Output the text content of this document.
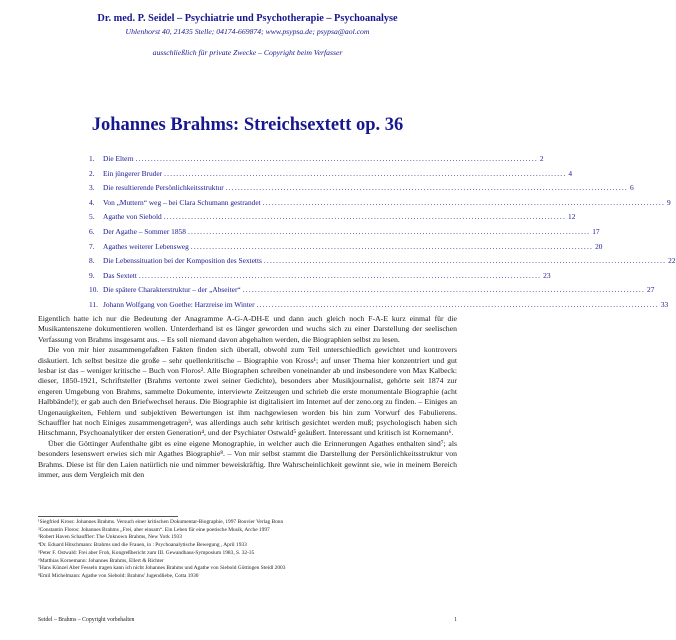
Dr. med. P. Seidel – Psychiatrie und Psychotherapie – Psychoanalyse
Uhlenhorst 40, 21435 Stelle; 04174-669874; www.psypsa.de; psypsa@aol.com
ausschließlich für private Zwecke – Copyright beim Verfasser
Johannes Brahms: Streichsextett op. 36
1.	Die Eltern .................................................................................................................................... 2
2.	Ein jüngerer Bruder .................................................................................................................................... 4
3.	Die resultierende Persönlichkeitsstruktur .................................................................................................................................... 6
4.	Von „Muttern“ weg – bei Clara Schumann gestrandet .................................................................................................................................... 9
5.	Agathe von Siebold .................................................................................................................................... 12
6.	Der Agathe – Sommer 1858 .................................................................................................................................... 17
7.	Agathes weiterer Lebensweg .................................................................................................................................... 20
8.	Die Lebenssituation bei der Komposition des Sextetts .................................................................................................................................... 22
9.	Das Sextett .................................................................................................................................... 23
10. Die spätere Charakterstruktur – der „Abseiter“ .................................................................................................................................... 27
11. Johann Wolfgang von Goethe: Harzreise im Winter .................................................................................................................................... 33

Eigentlich hatte ich nur die Bedeutung der Anagramme A-G-A-DH-E und dann auch gleich noch F-A-E kurz einmal für die Musikantenszene dokumentieren wollen. Unterderhand ist es länger geworden und wuchs sich zu einer Darstellung der seelischen Verfassung von Brahms insgesamt aus. – Es soll niemand davon abgehalten werden, die Biographien selbst zu lesen.

Die von mir hier zusammengefaßten Fakten finden sich überall, obwohl zum Teil unterschiedlich gewichtet und kontrovers diskutiert. Ich selbst besitze die große – sehr quellenkritische – Biographie von Kross¹; auf unser Thema hier konzentriert und gut lesbar ist das – weniger kritische – Buch von Floros². Alle Biographen schreiben voneinander ab und insbesondere von Max Kalbeck: dieser, 1850-1921, Schriftsteller (Brahms vertonte zwei seiner Gedichte), besonders aber Musikjournalist, gehörte seit 1874 zur engeren Umgebung von Brahms, sammelte Dokumente, interviewte Zeitzeugen und schrieb die erste monumentale Biographie (acht Halbbände!); er gab auch den Briefwechsel heraus. Die Biographie ist digitalisiert im Internet auf der zeno.org zu finden. – Einiges an Ungenauigkeiten, Fehlern und subjektiven Bewertungen ist ihm nachgewiesen worden bis hin zum Vorwurf des Fabulierens. Schauffler hat noch Einiges zusammengetragen³, was allerdings auch sehr kritisch gesichtet werden muß; psychologisch haben sich Hitschmann, Psychoanalytiker der ersten Generation⁴, und der Psychiater Ostwald⁵ geäußert. Interessant und kritisch ist Kornemann⁶.

Über die Göttinger Aufenthalte gibt es eine eigene Monographie, in welcher auch die Erinnerungen Agathes enthalten sind⁷; als besonders lesenswert erwies sich mir Agathes Biographie⁸. – Von mir selbst stammt die Darstellung der Persönlichkeitsstruktur von Brahms. Diese ist für den Laien natürlich nie und nimmer beweiskräftig. Ihre Wahrscheinlichkeit gewinnt sie, wie in meinem Bereich immer, aus dem Vergleich mit den

¹Siegfried Kross: Johannes Brahms. Versuch einer kritischen Dokumentar-Biographie, 1997 Bouvier Verlag Bonn
²Constantin Floros: Johannes Brahms „Frei, aber einsam“. Ein Leben für eine poetische Musik, Arche 1997
³Robert Haven Schauffler: The Unknown Brahms, New York 1933
⁴Dr. Eduard Hitschmann: Brahms und die Frauen, in : Psychoanalytische Bewegung , April 1933
⁵Peter F. Ostwald: Frei aber Froh, Kongreßbericht zum III. Gewandhaus-Symposium 1983, S. 32-35
⁶Matthias Kornemann: Johannes Brahms, Ellert & Richter
⁷Hans Künzel Aber Fesseln tragen kann ich nicht Johannes Brahms und Agathe von Siebold Göttingen Steidl 2003
⁸Emil Michelmann: Agathe von Siebold: Brahms' Jugendliebe, Cotta 1930
Seidel – Brahms – Copyright vorbehalten	1
